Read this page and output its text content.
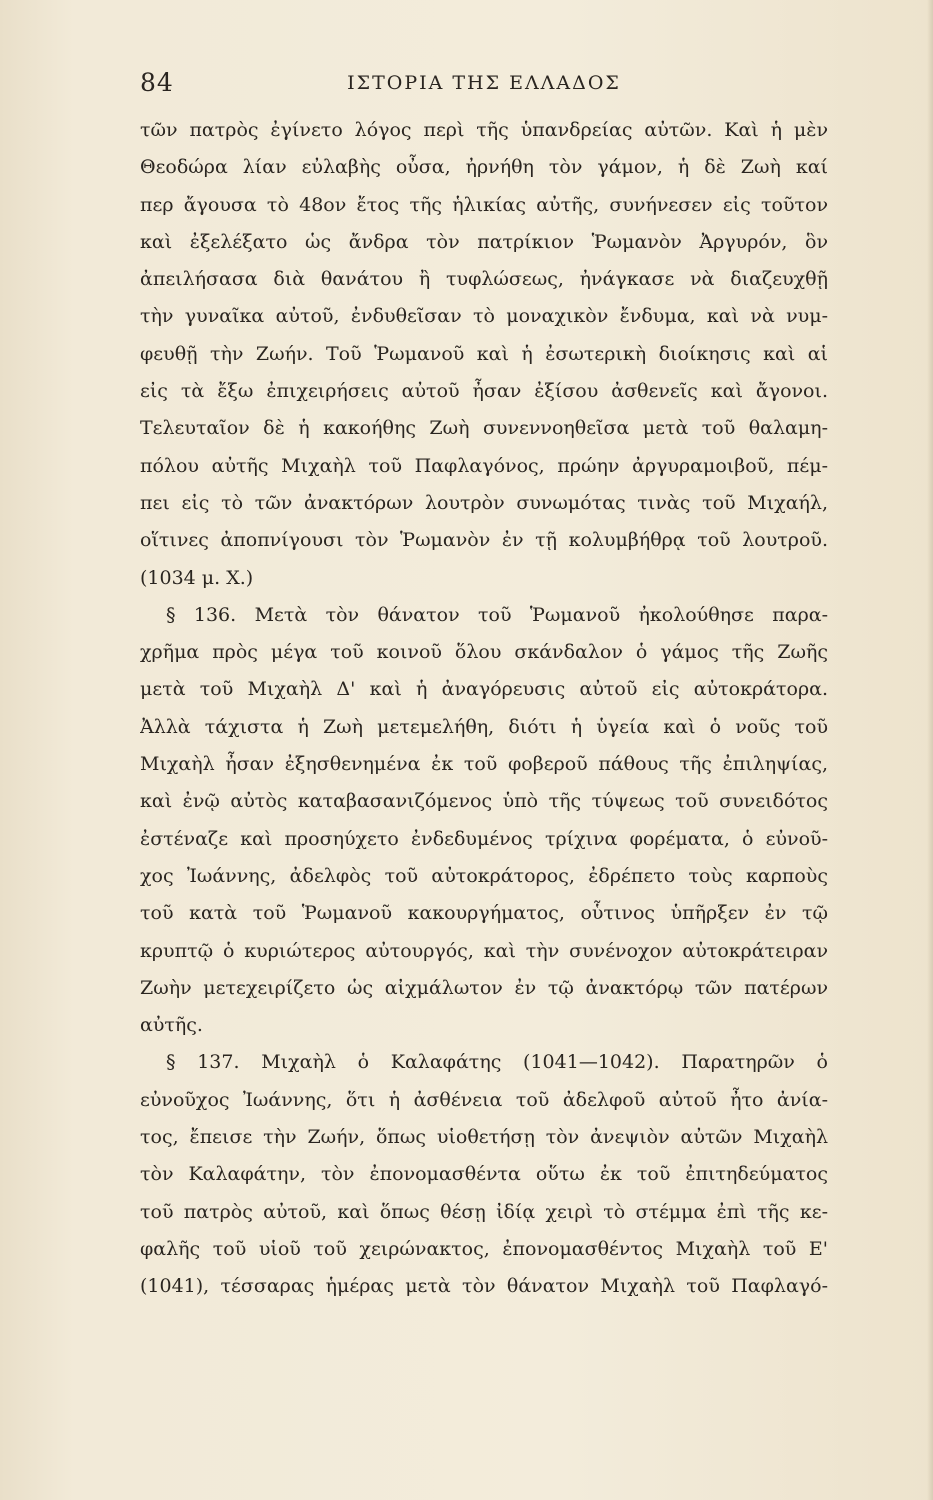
84	ΙΣΤΟΡΙΑ ΤΗΣ ΕΛΛΑΔΟΣ
τῶν πατρὸς ἐγίνετο λόγος περὶ τῆς ὑπανδρείας αὐτῶν. Καὶ ἡ μὲν
Θεοδώρα λίαν εὐλαβὴς οὖσα, ἠρνήθη τὸν γάμον, ἡ δὲ Ζωὴ καί
περ ἄγουσα τὸ 48ον ἔτος τῆς ἡλικίας αὐτῆς, συνήνεσεν εἰς τοῦτον
καὶ ἐξελέξατο ὡς ἄνδρα τὸν πατρίκιον Ῥωμανὸν Ἀργυρόν, ὃν
ἀπειλήσασα διὰ θανάτου ἢ τυφλώσεως, ἠνάγκασε νὰ διαζευχθῇ
τὴν γυναῖκα αὐτοῦ, ἐνδυθεῖσαν τὸ μοναχικὸν ἔνδυμα, καὶ νὰ νυμ-
φευθῇ τὴν Ζωήν. Τοῦ Ῥωμανοῦ καὶ ἡ ἐσωτερικὴ διοίκησις καὶ αἱ
εἰς τὰ ἔξω ἐπιχειρήσεις αὐτοῦ ἦσαν ἐξίσου ἀσθενεῖς καὶ ἄγονοι.
Τελευταῖον δὲ ἡ κακοήθης Ζωὴ συνεννοηθεῖσα μετὰ τοῦ θαλαμη-
πόλου αὐτῆς Μιχαὴλ τοῦ Παφλαγόνος, πρώην ἀργυραμοιβοῦ, πέμ-
πει εἰς τὸ τῶν ἀνακτόρων λουτρὸν συνωμότας τινὰς τοῦ Μιχαήλ,
οἵτινες ἀποπνίγουσι τὸν Ῥωμανὸν ἐν τῇ κολυμβήθρᾳ τοῦ λουτροῦ.
(1034 μ. Χ.)
§ 136. Μετὰ τὸν θάνατον τοῦ Ῥωμανοῦ ἠκολούθησε παρα-
χρῆμα πρὸς μέγα τοῦ κοινοῦ ὅλου σκάνδαλον ὁ γάμος τῆς Ζωῆς
μετὰ τοῦ Μιχαὴλ Δ' καὶ ἡ ἀναγόρευσις αὐτοῦ εἰς αὐτοκράτορα.
Ἀλλὰ τάχιστα ἡ Ζωὴ μετεμελήθη, διότι ἡ ὑγεία καὶ ὁ νοῦς τοῦ
Μιχαὴλ ἦσαν ἐξησθενημένα ἐκ τοῦ φοβεροῦ πάθους τῆς ἐπιληψίας,
καὶ ἐνῷ αὐτὸς καταβασανιζόμενος ὑπὸ τῆς τύψεως τοῦ συνειδότος
ἐστέναζε καὶ προσηύχετο ἐνδεδυμένος τρίχινα φορέματα, ὁ εὐνοῦ-
χος Ἰωάννης, ἀδελφὸς τοῦ αὐτοκράτορος, ἐδρέπετο τοὺς καρποὺς
τοῦ κατὰ τοῦ Ῥωμανοῦ κακουργήματος, οὗτινος ὑπῆρξεν ἐν τῷ
κρυπτῷ ὁ κυριώτερος αὐτουργός, καὶ τὴν συνένοχον αὐτοκράτειραν
Ζωὴν μετεχειρίζετο ὡς αἰχμάλωτον ἐν τῷ ἀνακτόρῳ τῶν πατέρων
αὐτῆς.
§ 137. Μιχαὴλ ὁ Καλαφάτης (1041—1042). Παρατηρῶν ὁ
εὐνοῦχος Ἰωάννης, ὅτι ἡ ἀσθένεια τοῦ ἀδελφοῦ αὐτοῦ ἦτο ἀνία-
τος, ἔπεισε τὴν Ζωήν, ὅπως υἱοθετήσῃ τὸν ἀνεψιὸν αὐτῶν Μιχαὴλ
τὸν Καλαφάτην, τὸν ἐπονομασθέντα οὕτω ἐκ τοῦ ἐπιτηδεύματος
τοῦ πατρὸς αὐτοῦ, καὶ ὅπως θέσῃ ἰδίᾳ χειρὶ τὸ στέμμα ἐπὶ τῆς κε-
φαλῆς τοῦ υἱοῦ τοῦ χειρώνακτος, ἐπονομασθέντος Μιχαὴλ τοῦ Ε'
(1041), τέσσαρας ἡμέρας μετὰ τὸν θάνατον Μιχαὴλ τοῦ Παφλαγό-
